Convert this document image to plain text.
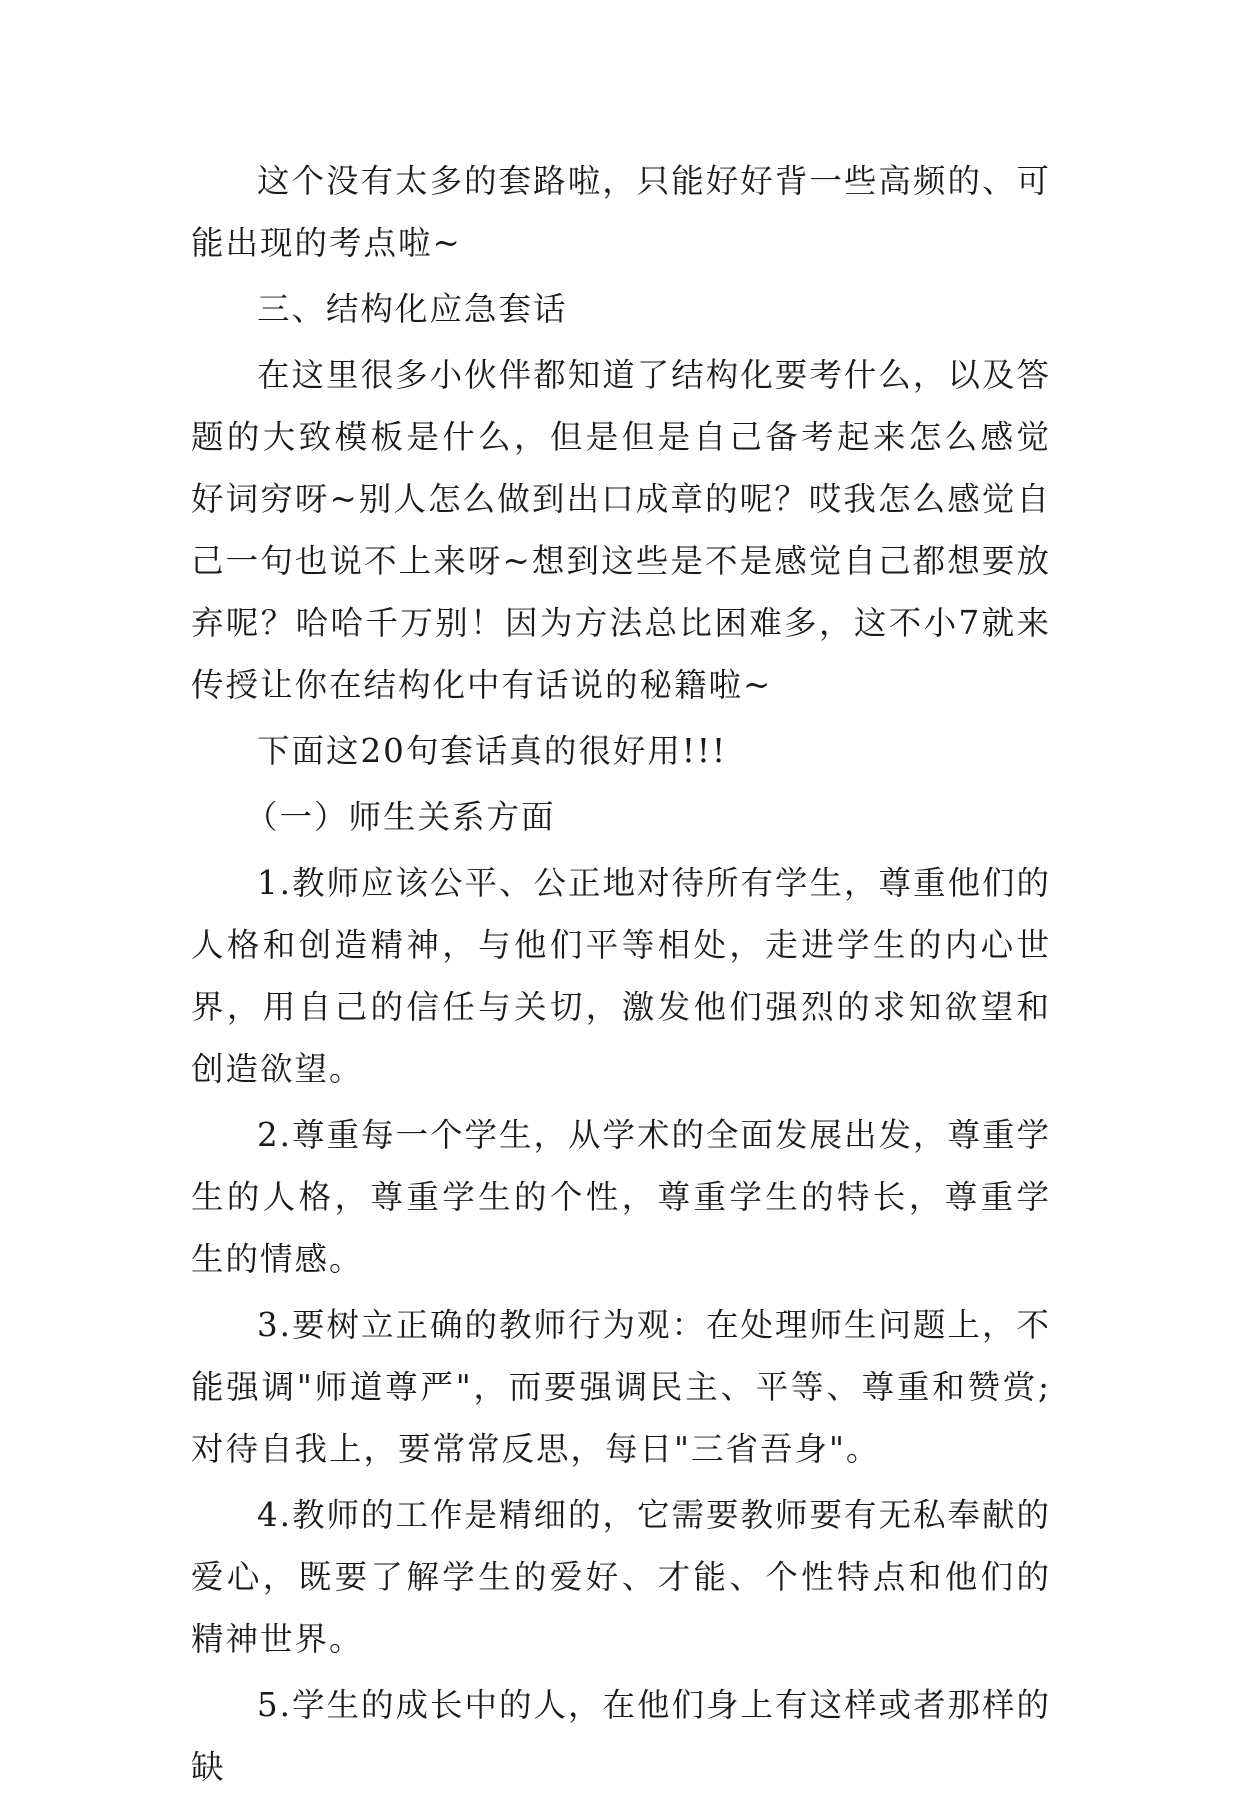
这个没有太多的套路啦，只能好好背一些高频的、可能出现的考点啦~

三、结构化应急套话

在这里很多小伙伴都知道了结构化要考什么，以及答题的大致模板是什么，但是但是自己备考起来怎么感觉好词穷呀~别人怎么做到出口成章的呢？哎我怎么感觉自己一句也说不上来呀~想到这些是不是感觉自己都想要放弃呢？哈哈千万别！因为方法总比困难多，这不小7就来传授让你在结构化中有话说的秘籍啦~

下面这20句套话真的很好用!!!

（一）师生关系方面

1.教师应该公平、公正地对待所有学生，尊重他们的人格和创造精神，与他们平等相处，走进学生的内心世界，用自己的信任与关切，激发他们强烈的求知欲望和创造欲望。

2.尊重每一个学生，从学术的全面发展出发，尊重学生的人格，尊重学生的个性，尊重学生的特长，尊重学生的情感。

3.要树立正确的教师行为观：在处理师生问题上，不能强调"师道尊严"，而要强调民主、平等、尊重和赞赏;对待自我上，要常常反思，每日"三省吾身"。

4.教师的工作是精细的，它需要教师要有无私奉献的爱心，既要了解学生的爱好、才能、个性特点和他们的精神世界。

5.学生的成长中的人，在他们身上有这样或者那样的缺
